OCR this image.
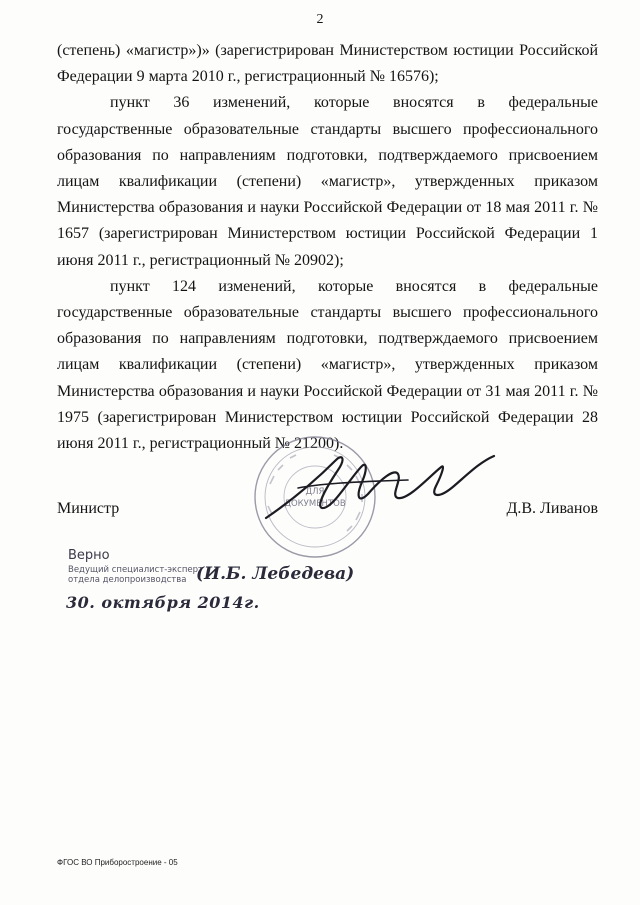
2

(степень) «магистр»)» (зарегистрирован Министерством юстиции Российской Федерации 9 марта 2010 г., регистрационный № 16576);

пункт 36 изменений, которые вносятся в федеральные государственные образовательные стандарты высшего профессионального образования по направлениям подготовки, подтверждаемого присвоением лицам квалификации (степени) «магистр», утвержденных приказом Министерства образования и науки Российской Федерации от 18 мая 2011 г. № 1657 (зарегистрирован Министерством юстиции Российской Федерации 1 июня 2011 г., регистрационный № 20902);

пункт 124 изменений, которые вносятся в федеральные государственные образовательные стандарты высшего профессионального образования по направлениям подготовки, подтверждаемого присвоением лицам квалификации (степени) «магистр», утвержденных приказом Министерства образования и науки Российской Федерации от 31 мая 2011 г. № 1975 (зарегистрирован Министерством юстиции Российской Федерации 28 июня 2011 г., регистрационный № 21200).

ДЛЯ
ДОКУМЕНТОВ
Министр	Д.В. Ливанов
Верно
Ведущий специалист-эксперт
отдела делопроизводства (И.Б. Лебедева)
30. октября 2014г.
ФГОС ВО Приборостроение - 05
